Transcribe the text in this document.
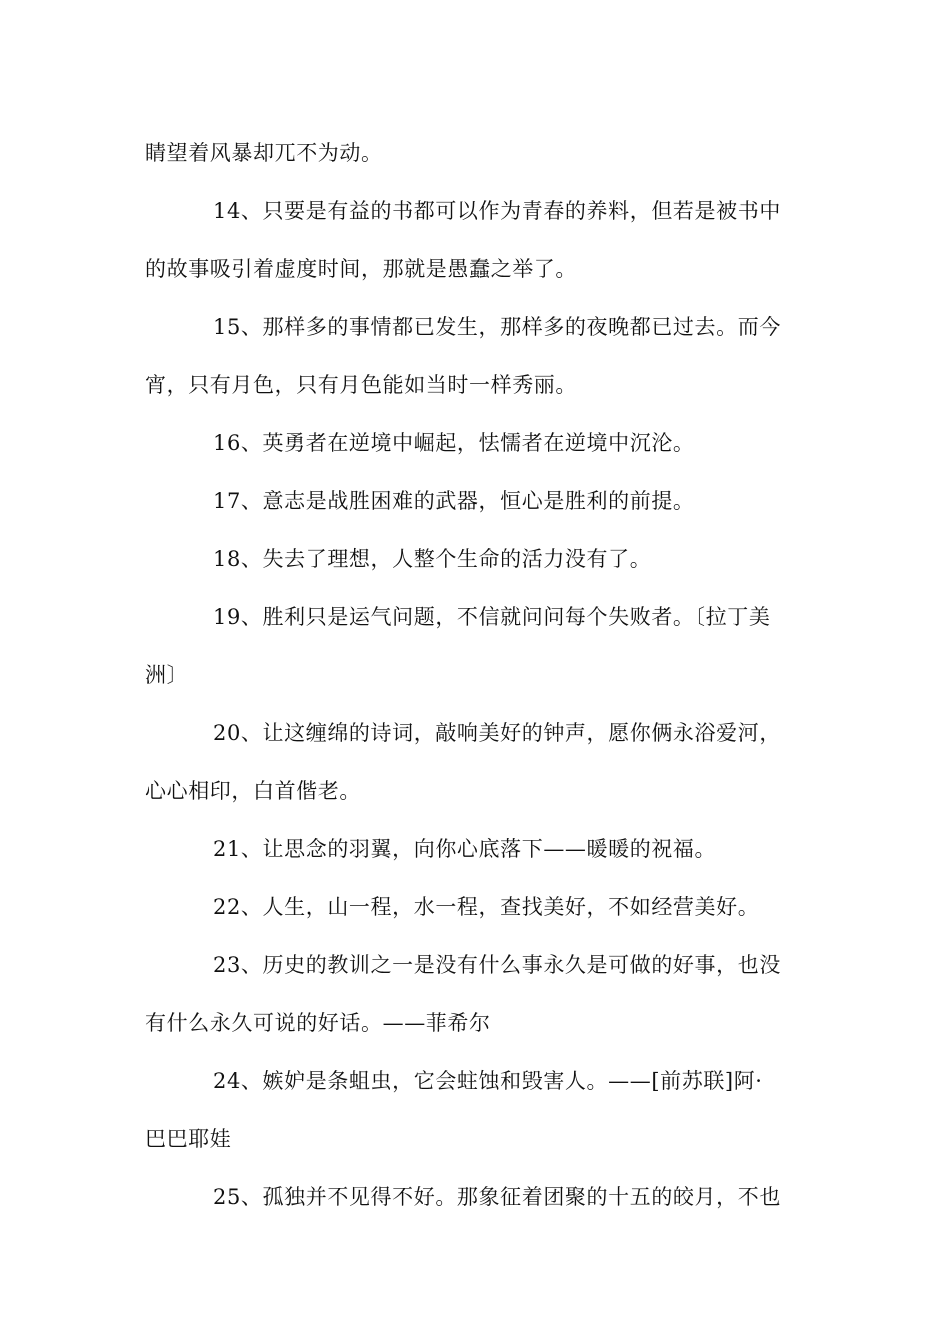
睛望着风暴却兀不为动。
14、只要是有益的书都可以作为青春的养料，但若是被书中
的故事吸引着虚度时间，那就是愚蠢之举了。
15、那样多的事情都已发生，那样多的夜晚都已过去。而今
宵，只有月色，只有月色能如当时一样秀丽。
16、英勇者在逆境中崛起，怯懦者在逆境中沉沦。
17、意志是战胜困难的武器，恒心是胜利的前提。
18、失去了理想，人整个生命的活力没有了。
19、胜利只是运气问题，不信就问问每个失败者。〔拉丁美
洲〕
20、让这缠绵的诗词，敲响美好的钟声，愿你俩永浴爱河，
心心相印，白首偕老。
21、让思念的羽翼，向你心底落下——暖暖的祝福。
22、人生，山一程，水一程，查找美好，不如经营美好。
23、历史的教训之一是没有什么事永久是可做的好事，也没
有什么永久可说的好话。——菲希尔
24、嫉妒是条蛆虫，它会蛀蚀和毁害人。——[前苏联]阿·
巴巴耶娃
25、孤独并不见得不好。那象征着团聚的十五的皎月，不也
